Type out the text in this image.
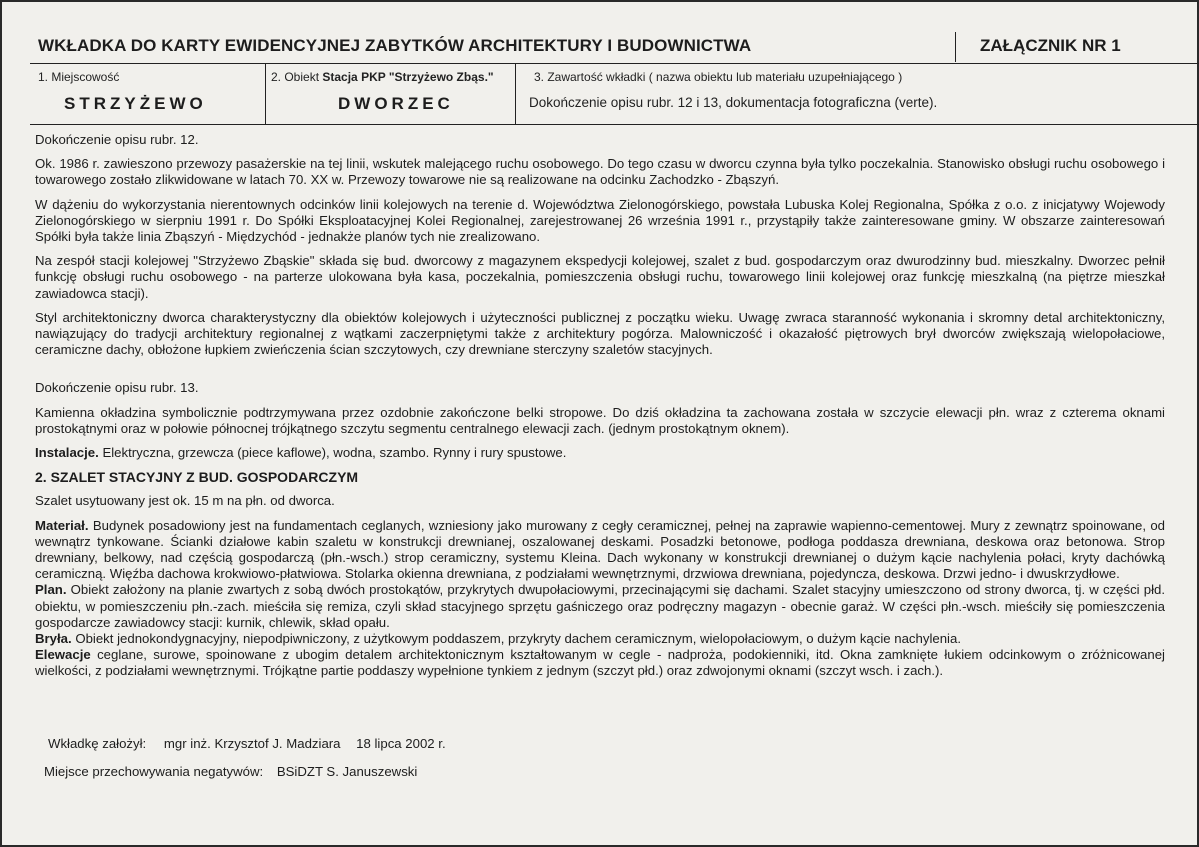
WKŁADKA DO KARTY EWIDENCYJNEJ ZABYTKÓW ARCHITEKTURY I BUDOWNICTWA	ZAŁĄCZNIK NR 1
1. Miejscowość
STRZYŻEWO
2. Obiekt Stacja PKP "Strzyżewo Zbąs."
DWORZEC
3. Zawartość wkładki ( nazwa obiektu lub materiału uzupełniającego )
Dokończenie opisu rubr. 12 i 13, dokumentacja fotograficzna (verte).

Dokończenie opisu rubr. 12.

Ok. 1986 r. zawieszono przewozy pasażerskie na tej linii, wskutek malejącego ruchu osobowego. Do tego czasu w dworcu czynna była tylko poczekalnia. Stanowisko obsługi ruchu osobowego i towarowego zostało zlikwidowane w latach 70. XX w. Przewozy towarowe nie są realizowane na odcinku Zachodzko - Zbąszyń.

W dążeniu do wykorzystania nierentownych odcinków linii kolejowych na terenie d. Województwa Zielonogórskiego, powstała Lubuska Kolej Regionalna, Spółka z o.o. z inicjatywy Wojewody Zielonogórskiego w sierpniu 1991 r. Do Spółki Eksploatacyjnej Kolei Regionalnej, zarejestrowanej 26 września 1991 r., przystąpiły także zainteresowane gminy. W obszarze zainteresowań Spółki była także linia Zbąszyń - Międzychód - jednakże planów tych nie zrealizowano.

Na zespół stacji kolejowej "Strzyżewo Zbąskie" składa się bud. dworcowy z magazynem ekspedycji kolejowej, szalet z bud. gospodarczym oraz dwurodzinny bud. mieszkalny. Dworzec pełnił funkcję obsługi ruchu osobowego - na parterze ulokowana była kasa, poczekalnia, pomieszczenia obsługi ruchu, towarowego linii kolejowej oraz funkcję mieszkalną (na piętrze mieszkał zawiadowca stacji).

Styl architektoniczny dworca charakterystyczny dla obiektów kolejowych i użyteczności publicznej z początku wieku. Uwagę zwraca staranność wykonania i skromny detal architektoniczny, nawiązujący do tradycji architektury regionalnej z wątkami zaczerpniętymi także z architektury pogórza. Malowniczość i okazałość piętrowych brył dworców zwiększają wielopołaciowe, ceramiczne dachy, obłożone łupkiem zwieńczenia ścian szczytowych, czy drewniane sterczyny szaletów stacyjnych.

Dokończenie opisu rubr. 13.

Kamienna okładzina symbolicznie podtrzymywana przez ozdobnie zakończone belki stropowe. Do dziś okładzina ta zachowana została w szczycie elewacji płn. wraz z czterema oknami prostokątnymi oraz w połowie północnej trójkątnego szczytu segmentu centralnego elewacji zach. (jednym prostokątnym oknem).

Instalacje. Elektryczna, grzewcza (piece kaflowe), wodna, szambo. Rynny i rury spustowe.

2. SZALET STACYJNY Z BUD. GOSPODARCZYM

Szalet usytuowany jest ok. 15 m na płn. od dworca.

Materiał. Budynek posadowiony jest na fundamentach ceglanych, wzniesiony jako murowany z cegły ceramicznej, pełnej na zaprawie wapienno-cementowej. Mury z zewnątrz spoinowane, od wewnątrz tynkowane. Ścianki działowe kabin szaletu w konstrukcji drewnianej, oszalowanej deskami. Posadzki betonowe, podłoga poddasza drewniana, deskowa oraz betonowa. Strop drewniany, belkowy, nad częścią gospodarczą (płn.-wsch.) strop ceramiczny, systemu Kleina. Dach wykonany w konstrukcji drewnianej o dużym kącie nachylenia połaci, kryty dachówką ceramiczną. Więźba dachowa krokwiowo-płatwiowa. Stolarka okienna drewniana, z podziałami wewnętrznymi, drzwiowa drewniana, pojedyncza, deskowa. Drzwi jedno- i dwuskrzydłowe.

Plan. Obiekt założony na planie zwartych z sobą dwóch prostokątów, przykrytych dwupołaciowymi, przecinającymi się dachami. Szalet stacyjny umieszczono od strony dworca, tj. w części płd. obiektu, w pomieszczeniu płn.-zach. mieściła się remiza, czyli skład stacyjnego sprzętu gaśniczego oraz podręczny magazyn - obecnie garaż. W części płn.-wsch. mieściły się pomieszczenia gospodarcze zawiadowcy stacji: kurnik, chlewik, skład opału.

Bryła. Obiekt jednokondygnacyjny, niepodpiwniczony, z użytkowym poddaszem, przykryty dachem ceramicznym, wielopołaciowym, o dużym kącie nachylenia.

Elewacje ceglane, surowe, spoinowane z ubogim detalem architektonicznym kształtowanym w cegle - nadproża, podokienniki, itd. Okna zamknięte łukiem odcinkowym o zróżnicowanej wielkości, z podziałami wewnętrznymi. Trójkątne partie poddaszy wypełnione tynkiem z jednym (szczyt płd.) oraz zdwojonymi oknami (szczyt wsch. i zach.).

Wkładkę założył: mgr inż. Krzysztof J. Madziara 18 lipca 2002 r.
Miejsce przechowywania negatywów: BSiDZT S. Januszewski
